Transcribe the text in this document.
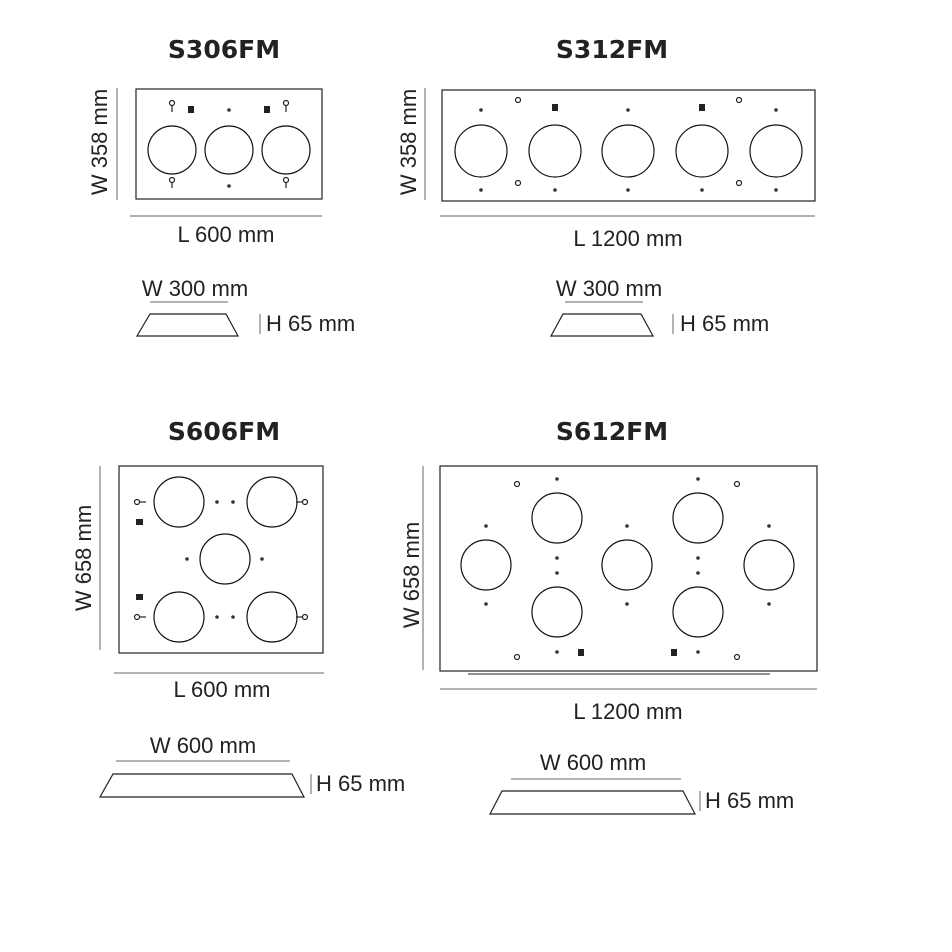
S306FM
W 358 mm
L 600 mm
W 300 mm
H 65 mm
S312FM
W 358 mm
L 1200 mm
W 300 mm
H 65 mm
S606FM
W 658 mm
L 600 mm
W 600 mm
H 65 mm
S612FM
W 658 mm
L 1200 mm
W 600 mm
H 65 mm
